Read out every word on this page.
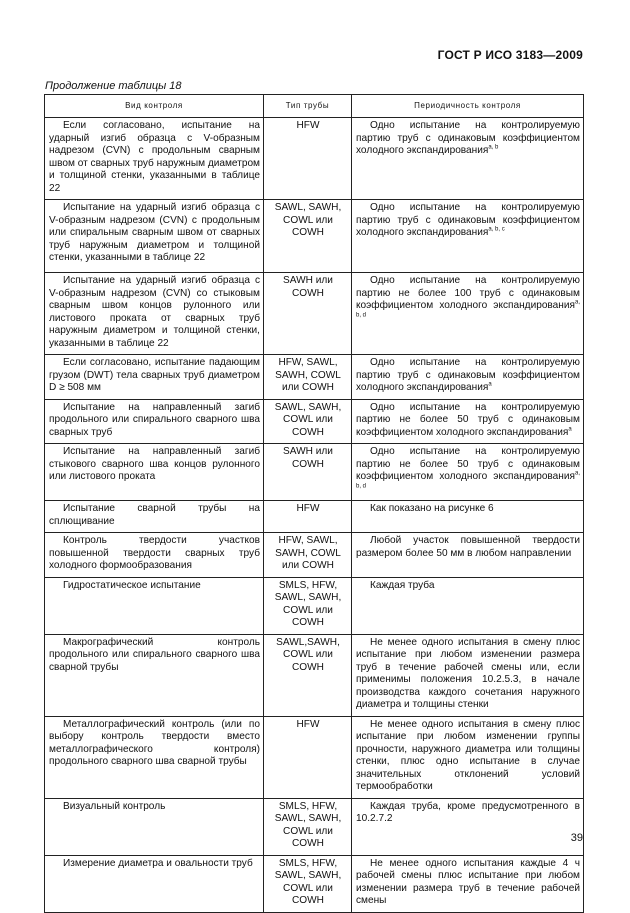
ГОСТ Р ИСО 3183—2009
Продолжение таблицы 18
Вид контроля	Тип трубы	Периодичность контроля
Если согласовано, испытание на ударный изгиб образца с V-образным надрезом (CVN) с продольным сварным швом от сварных труб наружным диаметром и толщиной стенки, указанными в таблице 22	HFW	Одно испытание на контролируемую партию труб с одинаковым коэффициентом холодного экспандирования$^{a, b}$
Испытание на ударный изгиб образца с V-образным надрезом (CVN) с продольным или спиральным сварным швом от сварных труб наружным диаметром и толщиной стенки, указанными в таблице 22	SAWL, SAWH, COWL или COWH	Одно испытание на контролируемую партию труб с одинаковым коэффициентом холодного экспандирования$^{a, b, c}$
Испытание на ударный изгиб образца с V-образным надрезом (CVN) со стыковым сварным швом концов рулонного или листового проката от сварных труб наружным диаметром и толщиной стенки, указанными в таблице 22	SAWH или COWH	Одно испытание на контролируемую партию не более 100 труб с одинаковым коэффициентом холодного экспандирования$^{a, b, d}$
Если согласовано, испытание падающим грузом (DWT) тела сварных труб диаметром D ≥ 508 мм	HFW, SAWL, SAWH, COWL или COWH	Одно испытание на контролируемую партию труб с одинаковым коэффициентом холодного экспандирования$^a$
Испытание на направленный загиб продольного или спирального сварного шва сварных труб	SAWL, SAWH, COWL или COWH	Одно испытание на контролируемую партию не более 50 труб с одинаковым коэффициентом холодного экспандирования$^a$
Испытание на направленный загиб стыкового сварного шва концов рулонного или листового проката	SAWH или COWH	Одно испытание на контролируемую партию не более 50 труб с одинаковым коэффициентом холодного экспандирования$^{a, b, d}$
Испытание сварной трубы на сплющивание	HFW	Как показано на рисунке 6
Контроль твердости участков повышенной твердости сварных труб холодного формообразования	HFW, SAWL, SAWH, COWL или COWH	Любой участок повышенной твердости размером более 50 мм в любом направлении
Гидростатическое испытание	SMLS, HFW, SAWL, SAWH, COWL или COWH	Каждая труба
Макрографический контроль продольного или спирального сварного шва сварной трубы	SAWL,SAWH, COWL или COWH	Не менее одного испытания в смену плюс испытание при любом изменении размера труб в течение рабочей смены или, если применимы положения 10.2.5.3, в начале производства каждого сочетания наружного диаметра и толщины стенки
Металлографический контроль (или по выбору контроль твердости вместо металлографического контроля) продольного сварного шва сварной трубы	HFW	Не менее одного испытания в смену плюс испытание при любом изменении группы прочности, наружного диаметра или толщины стенки, плюс одно испытание в случае значительных отклонений условий термообработки
Визуальный контроль	SMLS, HFW, SAWL, SAWH, COWL или COWH	Каждая труба, кроме предусмотренного в 10.2.7.2
Измерение диаметра и овальности труб	SMLS, HFW, SAWL, SAWH, COWL или COWH	Не менее одного испытания каждые 4 ч рабочей смены плюс испытание при любом изменении размера труб в течение рабочей смены
39
